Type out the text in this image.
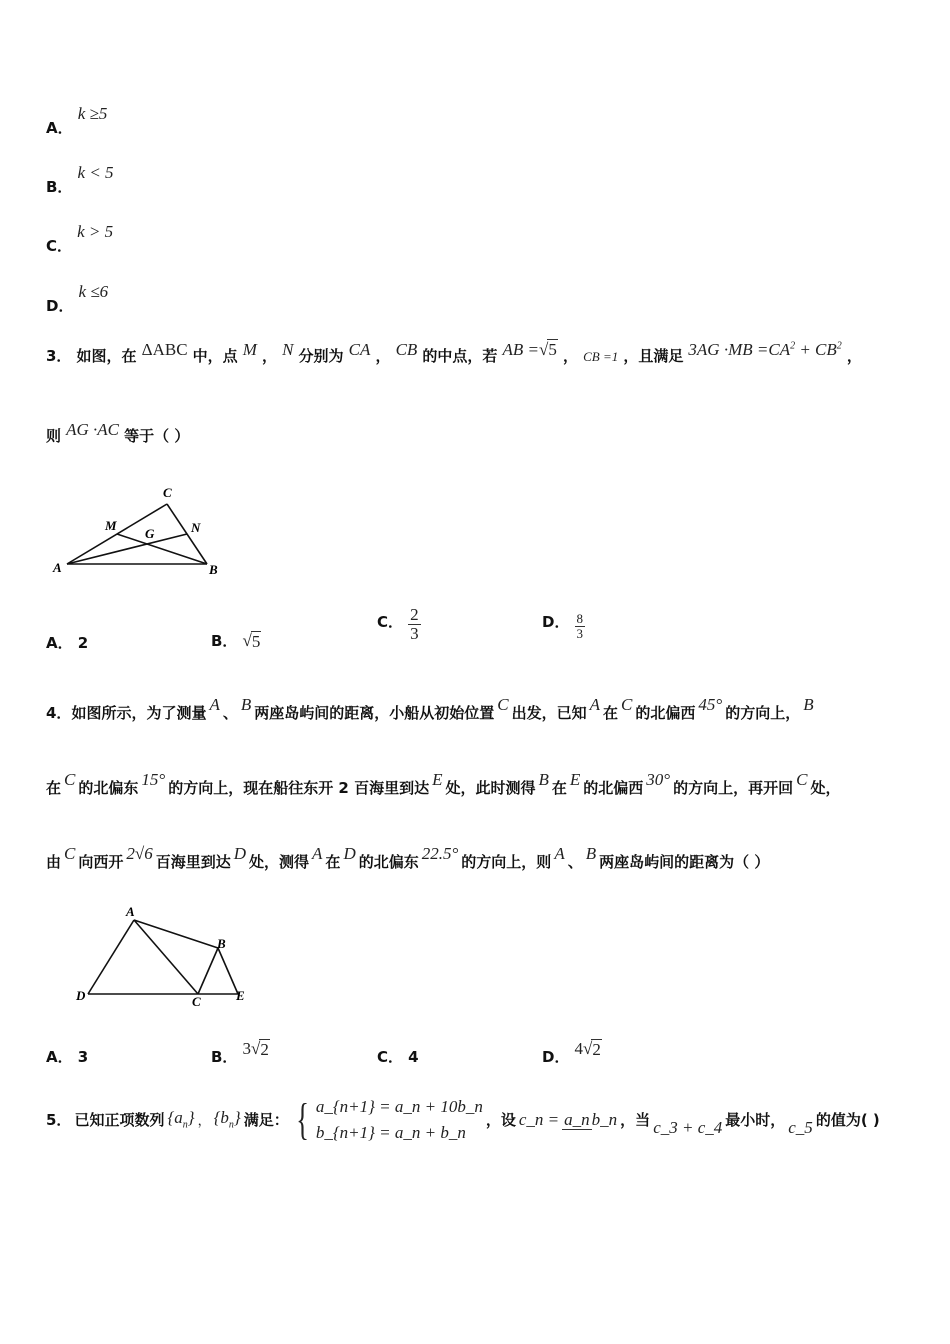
A． k ≥5
B． k < 5
C． k > 5
D． k ≤6
3． 如图，在 ΔABC 中，点 M ， N 分别为 CA ， CB 的中点，若 AB =√5 ， CB =1 ，且满足 $3AG \cdot MB =CA^2 + CB^2$ ，
则 AG ·AC 等于（ ）
A	B
C
M	N
G
A． 2	B． √ 5
C． $\frac{2}{3}$	D． $\frac{8}{3}$
4．如图所示，为了测量 A 、 B 两座岛屿间的距离，小船从初始位置 C 出发，已知 A 在 C 的北偏西 45° 的方向上， B
在 C 的北偏东 15° 的方向上，现在船往东开 2 百海里到达 E 处，此时测得 B 在 E 的北偏西 30° 的方向上，再开回 C 处，
由 C 向西开 2√6 百海里到达 D 处，测得 A 在 D 的北偏东 22.5° 的方向上，则 A 、 B 两座岛屿间的距离为（ ）
D
A
B
C	E
A． 3	B． 3√ 2	C． 4	D． 4√ 2
5． 已知正项数列 $\{a_n\}$ ， $\{b_n\}$ 满足： { a_{n+1} = a_n + 10b_n
b_{n+1} = a_n + b_n
，设 c_n = a_n b_n ，当 c_3 + c_4 最小时， c_5 的值为( )
